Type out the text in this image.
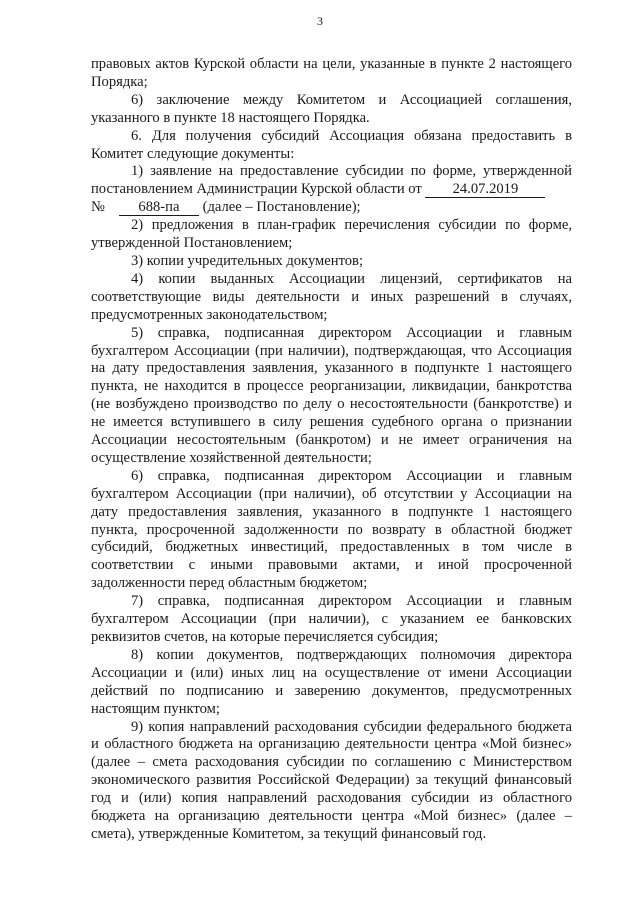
3

правовых актов Курской области на цели, указанные в пункте 2 настоящего Порядка;

6) заключение между Комитетом и Ассоциацией соглашения, указанного в пункте 18 настоящего Порядка.

6. Для получения субсидий Ассоциация обязана предоставить в Комитет следующие документы:

1) заявление на предоставление субсидии по форме, утвержденной постановлением Администрации Курской области от 24.07.2019
№ 688-па (далее – Постановление);

2) предложения в план-график перечисления субсидии по форме, утвержденной Постановлением;

3) копии учредительных документов;

4) копии выданных Ассоциации лицензий, сертификатов на соответствующие виды деятельности и иных разрешений в случаях, предусмотренных законодательством;

5) справка, подписанная директором Ассоциации и главным бухгалтером Ассоциации (при наличии), подтверждающая, что Ассоциация на дату предоставления заявления, указанного в подпункте 1 настоящего пункта, не находится в процессе реорганизации, ликвидации, банкротства (не возбуждено производство по делу о несостоятельности (банкротстве) и не имеется вступившего в силу решения судебного органа о признании Ассоциации несостоятельным (банкротом) и не имеет ограничения на осуществление хозяйственной деятельности;

6) справка, подписанная директором Ассоциации и главным бухгалтером Ассоциации (при наличии), об отсутствии у Ассоциации на дату предоставления заявления, указанного в подпункте 1 настоящего пункта, просроченной задолженности по возврату в областной бюджет субсидий, бюджетных инвестиций, предоставленных в том числе в соответствии с иными правовыми актами, и иной просроченной задолженности перед областным бюджетом;

7) справка, подписанная директором Ассоциации и главным бухгалтером Ассоциации (при наличии), с указанием ее банковских реквизитов счетов, на которые перечисляется субсидия;

8) копии документов, подтверждающих полномочия директора Ассоциации и (или) иных лиц на осуществление от имени Ассоциации действий по подписанию и заверению документов, предусмотренных настоящим пунктом;

9) копия направлений расходования субсидии федерального бюджета и областного бюджета на организацию деятельности центра «Мой бизнес» (далее – смета расходования субсидии по соглашению с Министерством экономического развития Российской Федерации) за текущий финансовый год и (или) копия направлений расходования субсидии из областного бюджета на организацию деятельности центра «Мой бизнес» (далее – смета), утвержденные Комитетом, за текущий финансовый год.
